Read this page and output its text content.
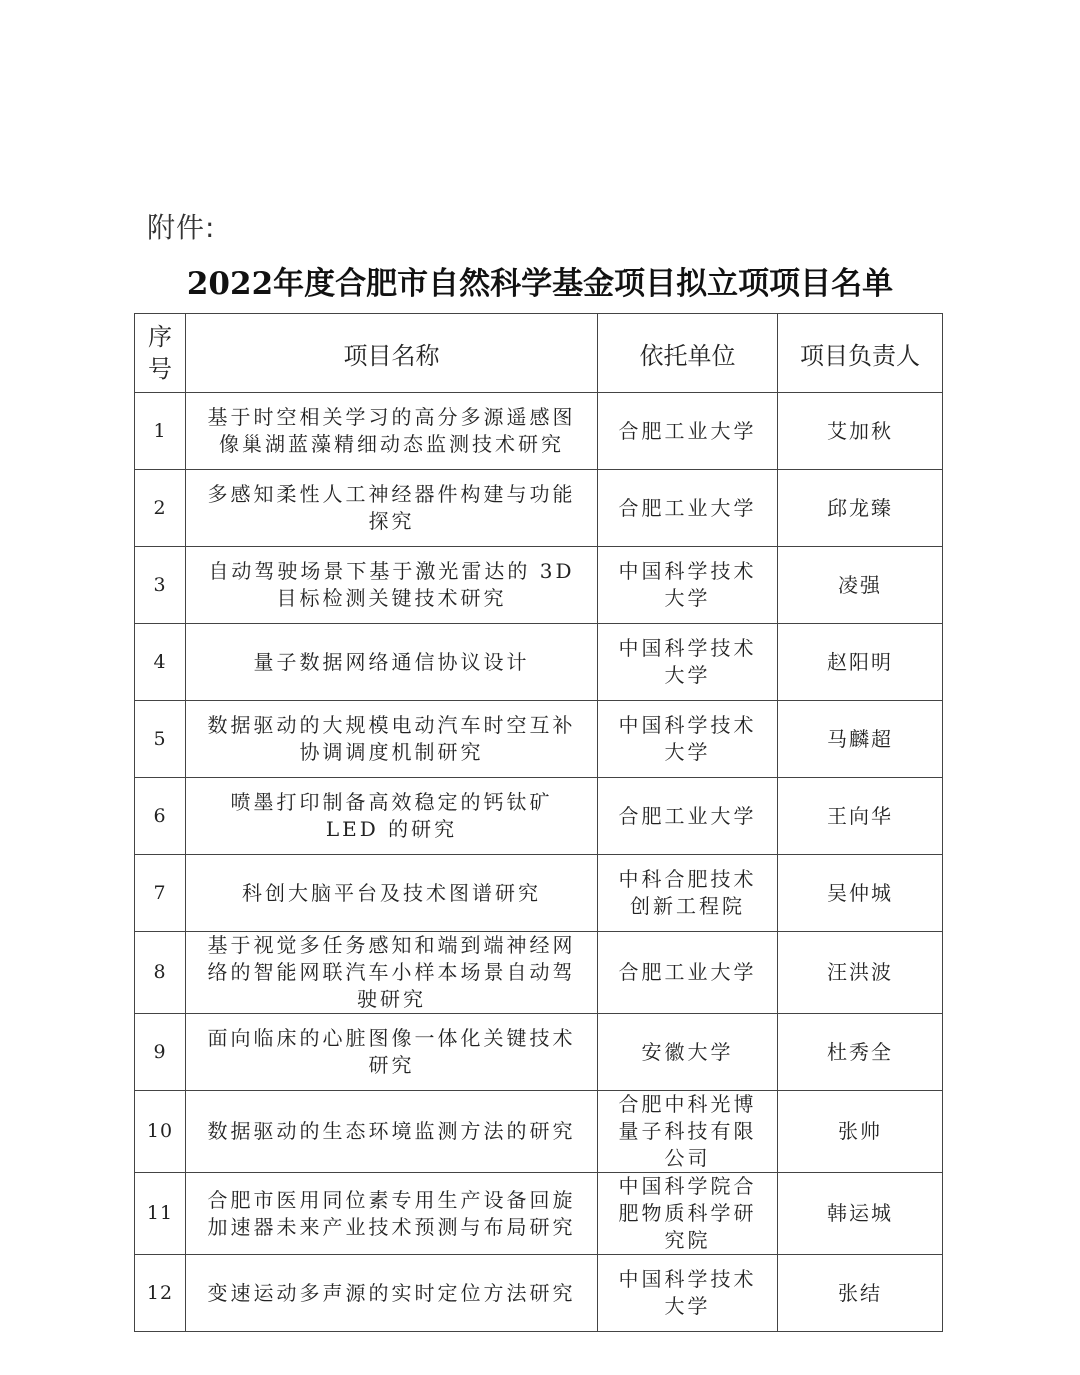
附件:
2022年度合肥市自然科学基金项目拟立项项目名单
序
号	项目名称	依托单位	项目负责人
1	基于时空相关学习的高分多源遥感图像巢湖蓝藻精细动态监测技术研究	合肥工业大学	艾加秋
2	多感知柔性人工神经器件构建与功能探究	合肥工业大学	邱龙臻
3	自动驾驶场景下基于激光雷达的 3D 目标检测关键技术研究	中国科学技术大学	凌强
4	量子数据网络通信协议设计	中国科学技术大学	赵阳明
5	数据驱动的大规模电动汽车时空互补协调调度机制研究	中国科学技术大学	马麟超
6	喷墨打印制备高效稳定的钙钛矿 LED 的研究	合肥工业大学	王向华
7	科创大脑平台及技术图谱研究	中科合肥技术创新工程院	吴仲城
8	基于视觉多任务感知和端到端神经网络的智能网联汽车小样本场景自动驾驶研究	合肥工业大学	汪洪波
9	面向临床的心脏图像一体化关键技术研究	安徽大学	杜秀全
10	数据驱动的生态环境监测方法的研究	合肥中科光博量子科技有限公司	张帅
11	合肥市医用同位素专用生产设备回旋加速器未来产业技术预测与布局研究	中国科学院合肥物质科学研究院	韩运城
12	变速运动多声源的实时定位方法研究	中国科学技术大学	张结
